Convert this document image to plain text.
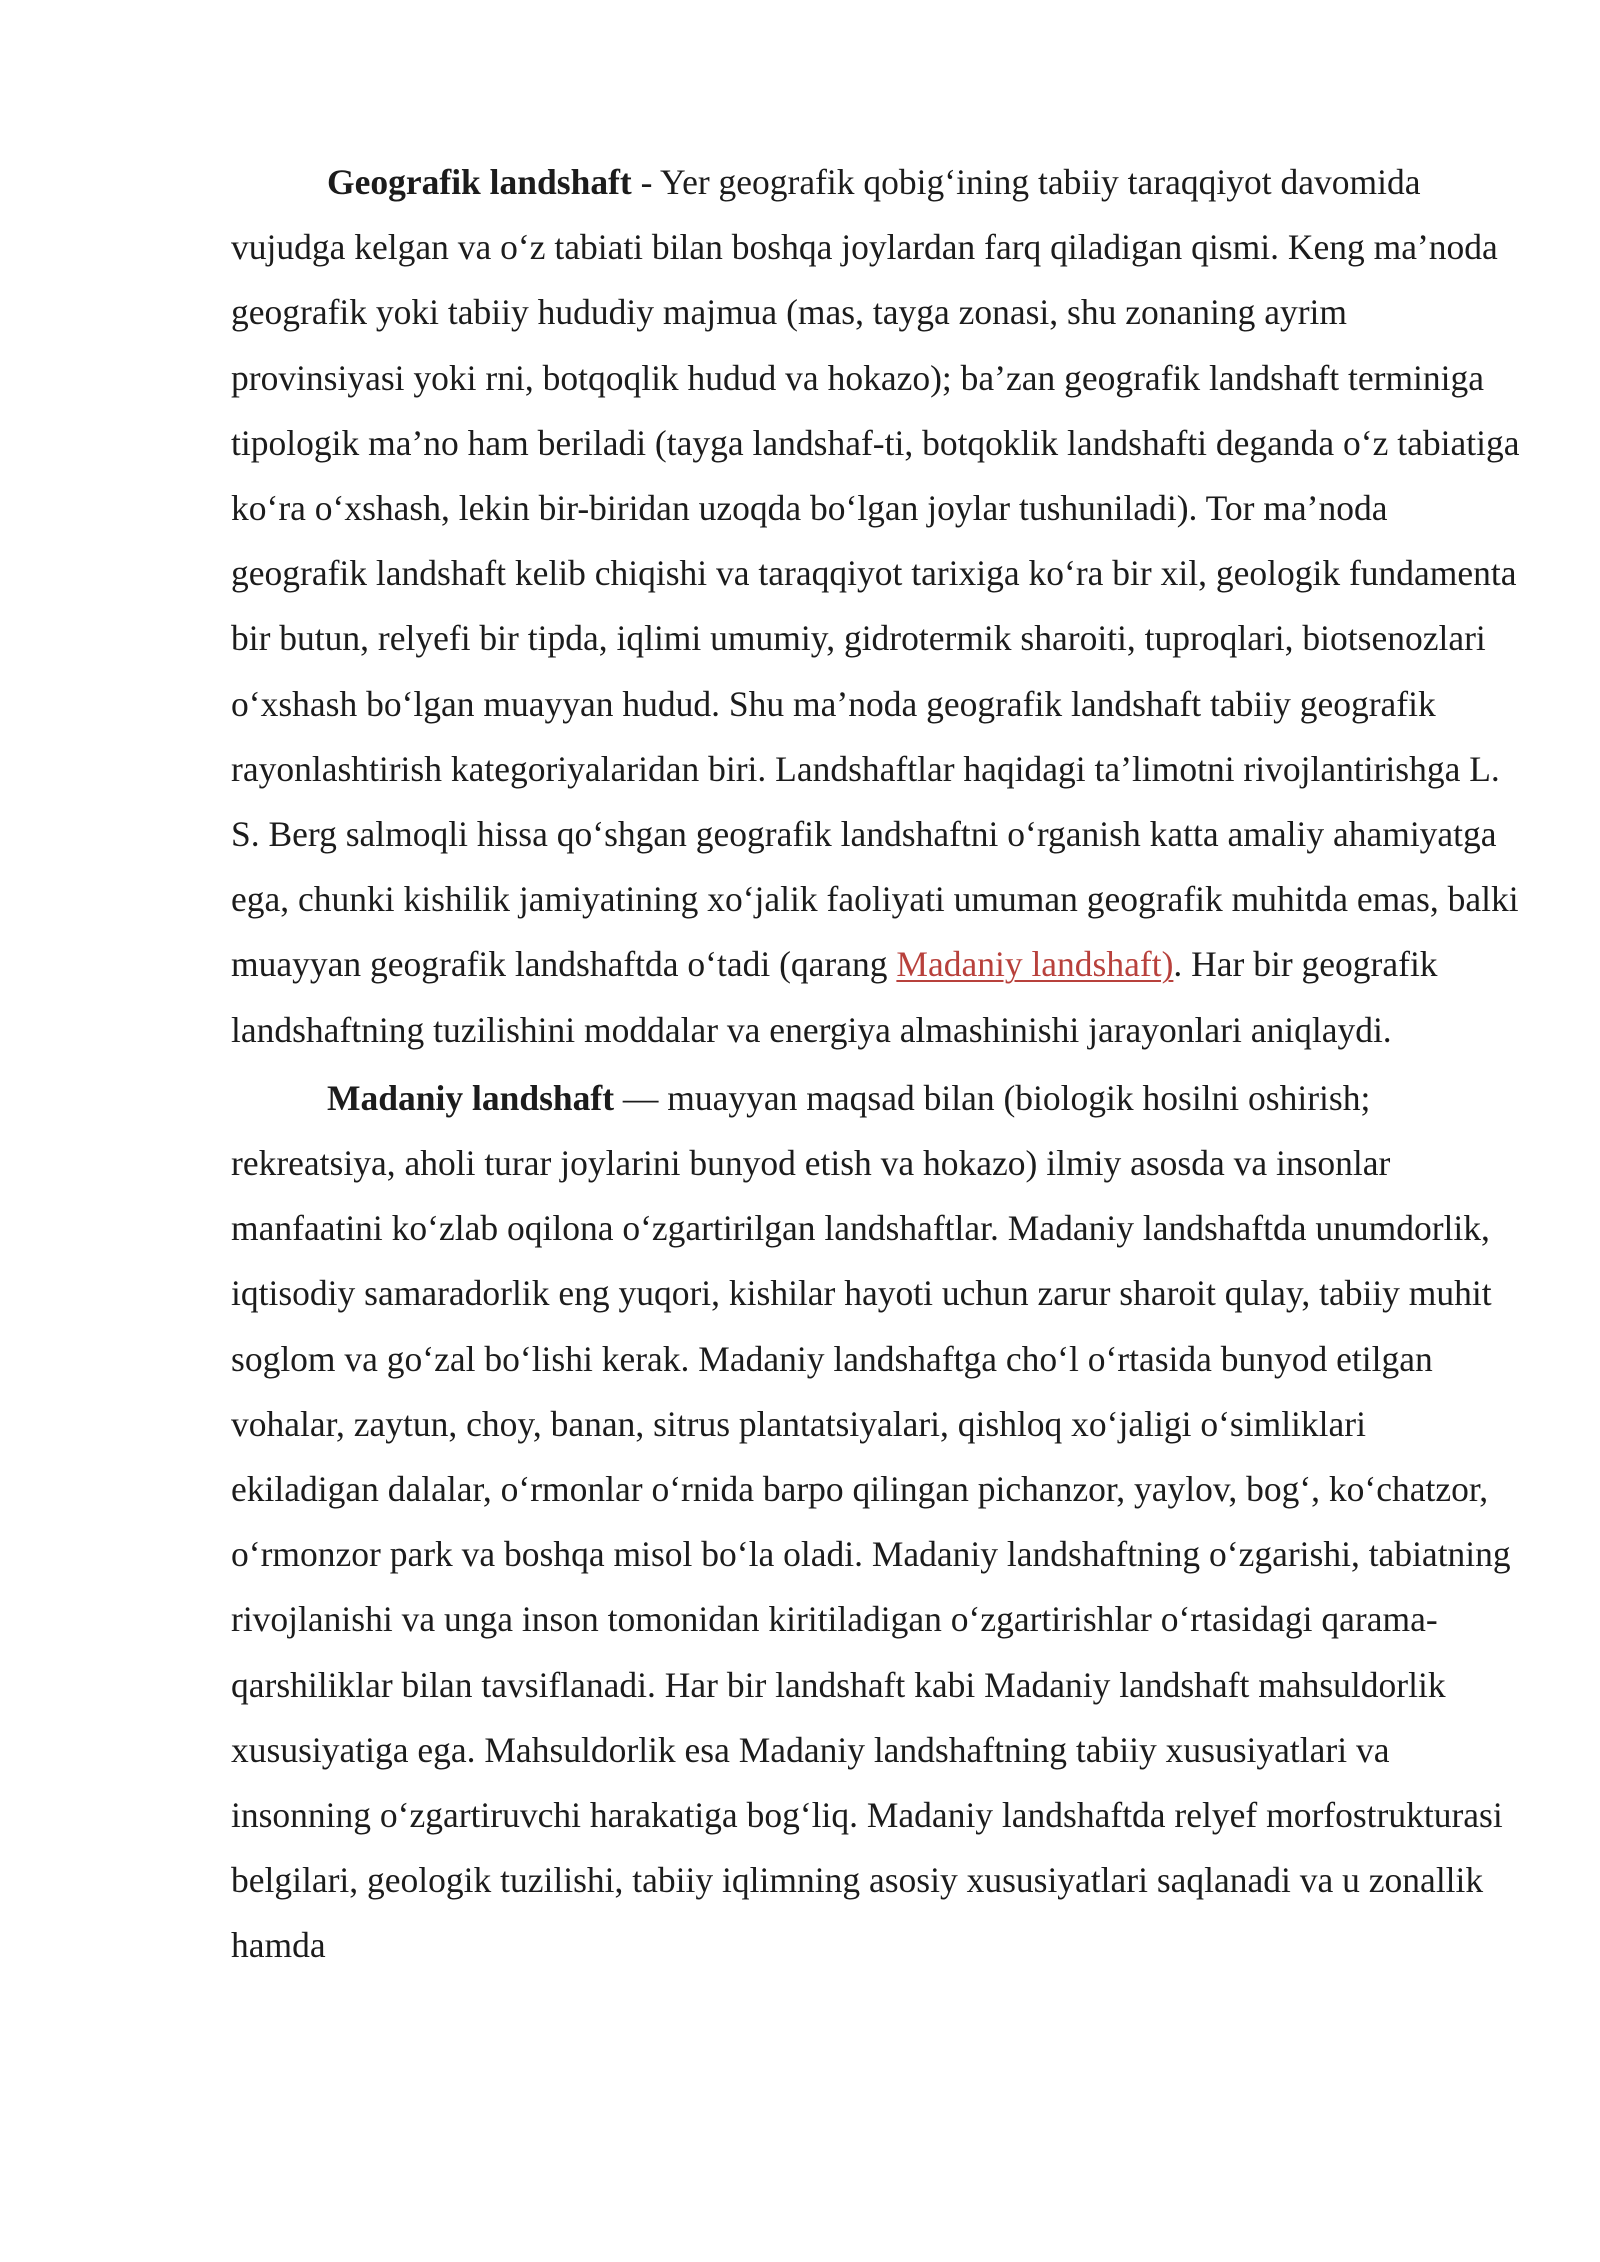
Geografik landshaft - Yer geografik qobig‘ining tabiiy taraqqiyot davomida vujudga kelgan va o‘z tabiati bilan boshqa joylardan farq qiladigan qismi. Keng ma’noda geografik yoki tabiiy hududiy majmua (mas, tayga zonasi, shu zonaning ayrim provinsiyasi yoki rni, botqoqlik hudud va hokazo); ba’zan geografik landshaft terminiga tipologik ma’no ham beriladi (tayga landshaf-ti, botqoklik landshafti deganda o‘z tabiatiga ko‘ra o‘xshash, lekin bir-biridan uzoqda bo‘lgan joylar tushuniladi). Tor ma’noda geografik landshaft kelib chiqishi va taraqqiyot tarixiga ko‘ra bir xil, geologik fundamenta bir butun, relyefi bir tipda, iqlimi umumiy, gidrotermik sharoiti, tuproqlari, biotsenozlari o‘xshash bo‘lgan muayyan hudud. Shu ma’noda geografik landshaft tabiiy geografik rayonlashtirish kategoriyalaridan biri. Landshaftlar haqidagi ta’limotni rivojlantirishga L. S. Berg salmoqli hissa qo‘shgan geografik landshaftni o‘rganish katta amaliy ahamiyatga ega, chunki kishilik jamiyatining xo‘jalik faoliyati umuman geografik muhitda emas, balki muayyan geografik landshaftda o‘tadi (qarang Madaniy landshaft). Har bir geografik landshaftning tuzilishini moddalar va energiya almashinishi jarayonlari aniqlaydi.

Madaniy landshaft — muayyan maqsad bilan (biologik hosilni oshirish; rekreatsiya, aholi turar joylarini bunyod etish va hokazo) ilmiy asosda va insonlar manfaatini ko‘zlab oqilona o‘zgartirilgan landshaftlar. Madaniy landshaftda unumdorlik, iqtisodiy samaradorlik eng yuqori, kishilar hayoti uchun zarur sharoit qulay, tabiiy muhit soglom va go‘zal bo‘lishi kerak. Madaniy landshaftga cho‘l o‘rtasida bunyod etilgan vohalar, zaytun, choy, banan, sitrus plantatsiyalari, qishloq xo‘jaligi o‘simliklari ekiladigan dalalar, o‘rmonlar o‘rnida barpo qilingan pichanzor, yaylov, bog‘, ko‘chatzor, o‘rmonzor park va boshqa misol bo‘la oladi. Madaniy landshaftning o‘zgarishi, tabiatning rivojlanishi va unga inson tomonidan kiritiladigan o‘zgartirishlar o‘rtasidagi qarama-qarshiliklar bilan tavsiflanadi. Har bir landshaft kabi Madaniy landshaft mahsuldorlik xususiyatiga ega. Mahsuldorlik esa Madaniy landshaftning tabiiy xususiyatlari va insonning o‘zgartiruvchi harakatiga bog‘liq. Madaniy landshaftda relyef morfostrukturasi belgilari, geologik tuzilishi, tabiiy iqlimning asosiy xususiyatlari saqlanadi va u zonallik hamda
